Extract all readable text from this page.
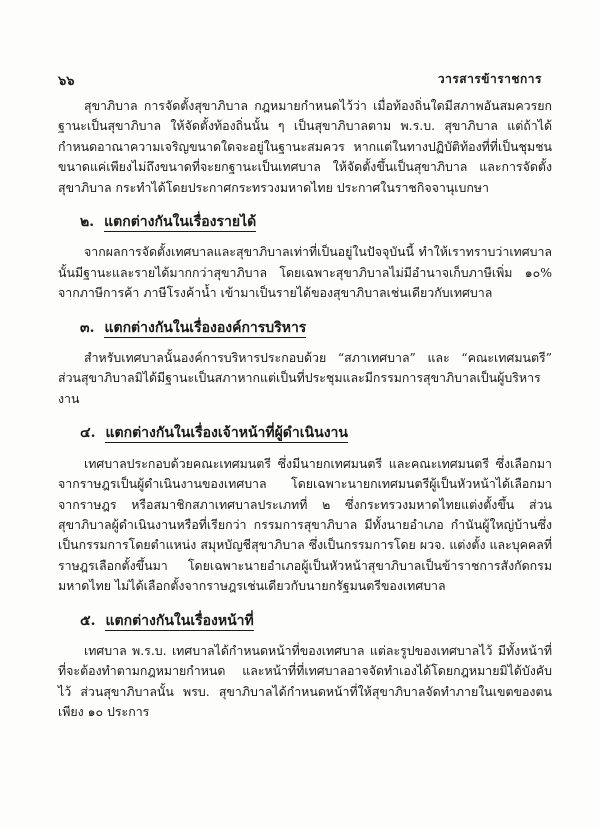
๖๖	วารสารข้าราชการ

สุขาภิบาล การจัดตั้งสุขาภิบาล กฎหมายกำหนดไว้ว่า เมื่อท้องถิ่นใดมีสภาพอันสมควรยกฐานะเป็นสุขาภิบาล ให้จัดตั้งท้องถิ่นนั้น ๆ เป็นสุขาภิบาลตาม พ.ร.บ. สุขาภิบาล แต่ถ้าได้กำหนดอาณาความเจริญขนาดใดจะอยู่ในฐานะสมควร หากแต่ในทางปฏิบัติท้องที่ที่เป็นชุมชนขนาดแค่เพียงไม่ถึงขนาดที่จะยกฐานะเป็นเทศบาล ให้จัดตั้งขึ้นเป็นสุขาภิบาล และการจัดตั้งสุขาภิบาล กระทำได้โดยประกาศกระทรวงมหาดไทย ประกาศในราชกิจจานุเบกษา

๒. แตกต่างกันในเรื่องรายได้

จากผลการจัดตั้งเทศบาลและสุขาภิบาลเท่าที่เป็นอยู่ในปัจจุบันนี้ ทำให้เราทราบว่าเทศบาลนั้นมีฐานะและรายได้มากกว่าสุขาภิบาล โดยเฉพาะสุขาภิบาลไม่มีอำนาจเก็บภาษีเพิ่ม ๑๐% จากภาษีการค้า ภาษีโรงค้าน้ำ เข้ามาเป็นรายได้ของสุขาภิบาลเช่นเดียวกับเทศบาล

๓. แตกต่างกันในเรื่ององค์การบริหาร

สำหรับเทศบาลนั้นองค์การบริหารประกอบด้วย “สภาเทศบาล” และ “คณะเทศมนตรี” ส่วนสุขาภิบาลมิได้มีฐานะเป็นสภาหากแต่เป็นที่ประชุมและมีกรรมการสุขาภิบาลเป็นผู้บริหารงาน

๔. แตกต่างกันในเรื่องเจ้าหน้าที่ผู้ดำเนินงาน

เทศบาลประกอบด้วยคณะเทศมนตรี ซึ่งมีนายกเทศมนตรี และคณะเทศมนตรี ซึ่งเลือกมาจากราษฎรเป็นผู้ดำเนินงานของเทศบาล โดยเฉพาะนายกเทศมนตรีผู้เป็นหัวหน้าได้เลือกมาจากราษฎร หรือสมาชิกสภาเทศบาลประเภทที่ ๒ ซึ่งกระทรวงมหาดไทยแต่งตั้งขึ้น ส่วนสุขาภิบาลผู้ดำเนินงานหรือที่เรียกว่า กรรมการสุขาภิบาล มีทั้งนายอำเภอ กำนันผู้ใหญ่บ้านซึ่งเป็นกรรมการโดยตำแหน่ง สมุหบัญชีสุขาภิบาล ซึ่งเป็นกรรมการโดย ผวจ. แต่งตั้ง และบุคคลที่ราษฎรเลือกตั้งขึ้นมา โดยเฉพาะนายอำเภอผู้เป็นหัวหน้าสุขาภิบาลเป็นข้าราชการสังกัดกรมมหาดไทย ไม่ได้เลือกตั้งจากราษฎรเช่นเดียวกับนายกรัฐมนตรีของเทศบาล

๕. แตกต่างกันในเรื่องหน้าที่

เทศบาล พ.ร.บ. เทศบาลได้กำหนดหน้าที่ของเทศบาล แต่ละรูปของเทศบาลไว้ มีทั้งหน้าที่ที่จะต้องทำตามกฎหมายกำหนด และหน้าที่ที่เทศบาลอาจจัดทำเองได้โดยกฎหมายมิได้บังคับไว้ ส่วนสุขาภิบาลนั้น พรบ. สุขาภิบาลได้กำหนดหน้าที่ให้สุขาภิบาลจัดทำภายในเขตของตนเพียง ๑๐ ประการ
